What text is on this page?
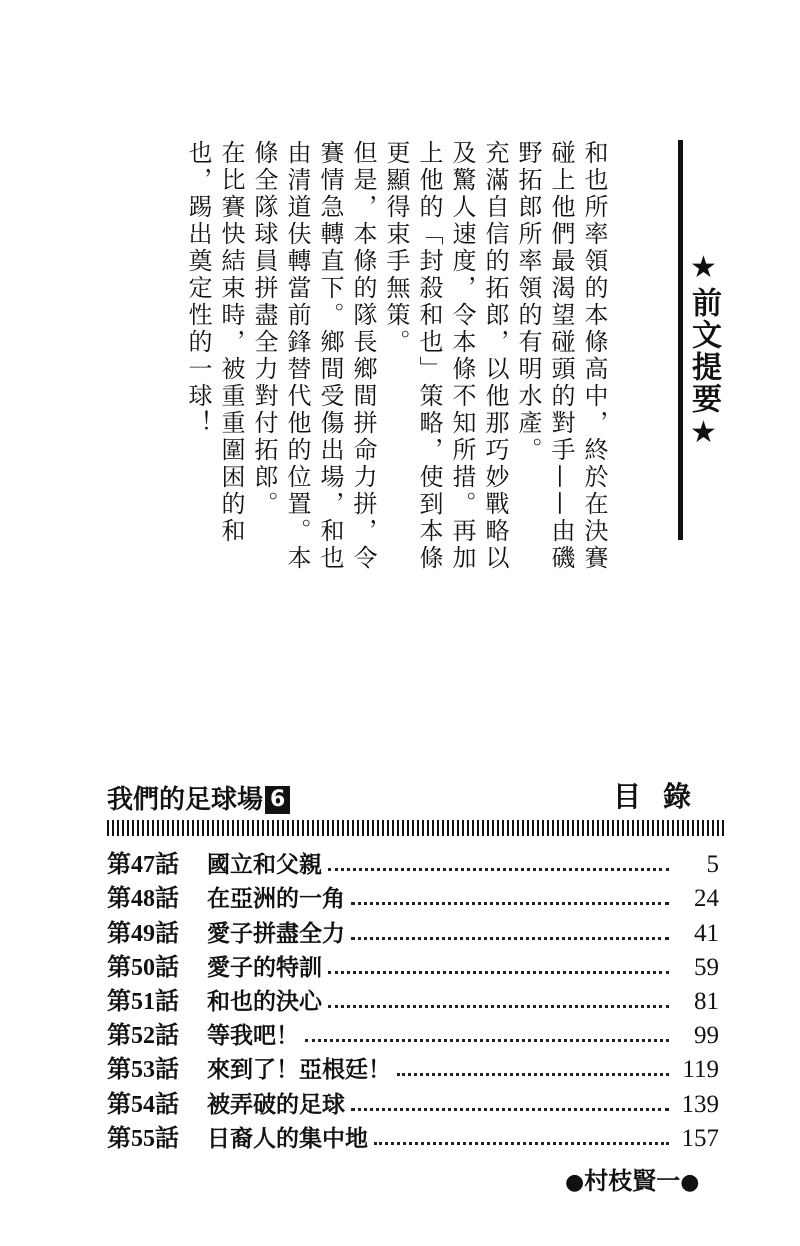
★前文提要★

和也所率領的本條高中，終於在決賽碰上他們最渴望碰頭的對手——由磯野拓郎所率領的有明水產。

充滿自信的拓郎，以他那巧妙戰略以及驚人速度，令本條不知所措。再加上他的「封殺和也」策略，使到本條更顯得束手無策。

但是，本條的隊長鄉間拼命力拼，令賽情急轉直下。鄉間受傷出場，和也由清道伕轉當前鋒替代他的位置。本條全隊球員拼盡全力對付拓郎。

在比賽快結束時，被重重圍困的和也，踢出奠定性的一球！

我們的足球場 6	目錄
第47話	國立和父親	5
第48話	在亞洲的一角	24
第49話	愛子拼盡全力	41
第50話	愛子的特訓	59
第51話	和也的決心	81
第52話	等我吧！	99
第53話	來到了！亞根廷！	119
第54話	被弄破的足球	139
第55話	日裔人的集中地	157
●村枝賢一●
